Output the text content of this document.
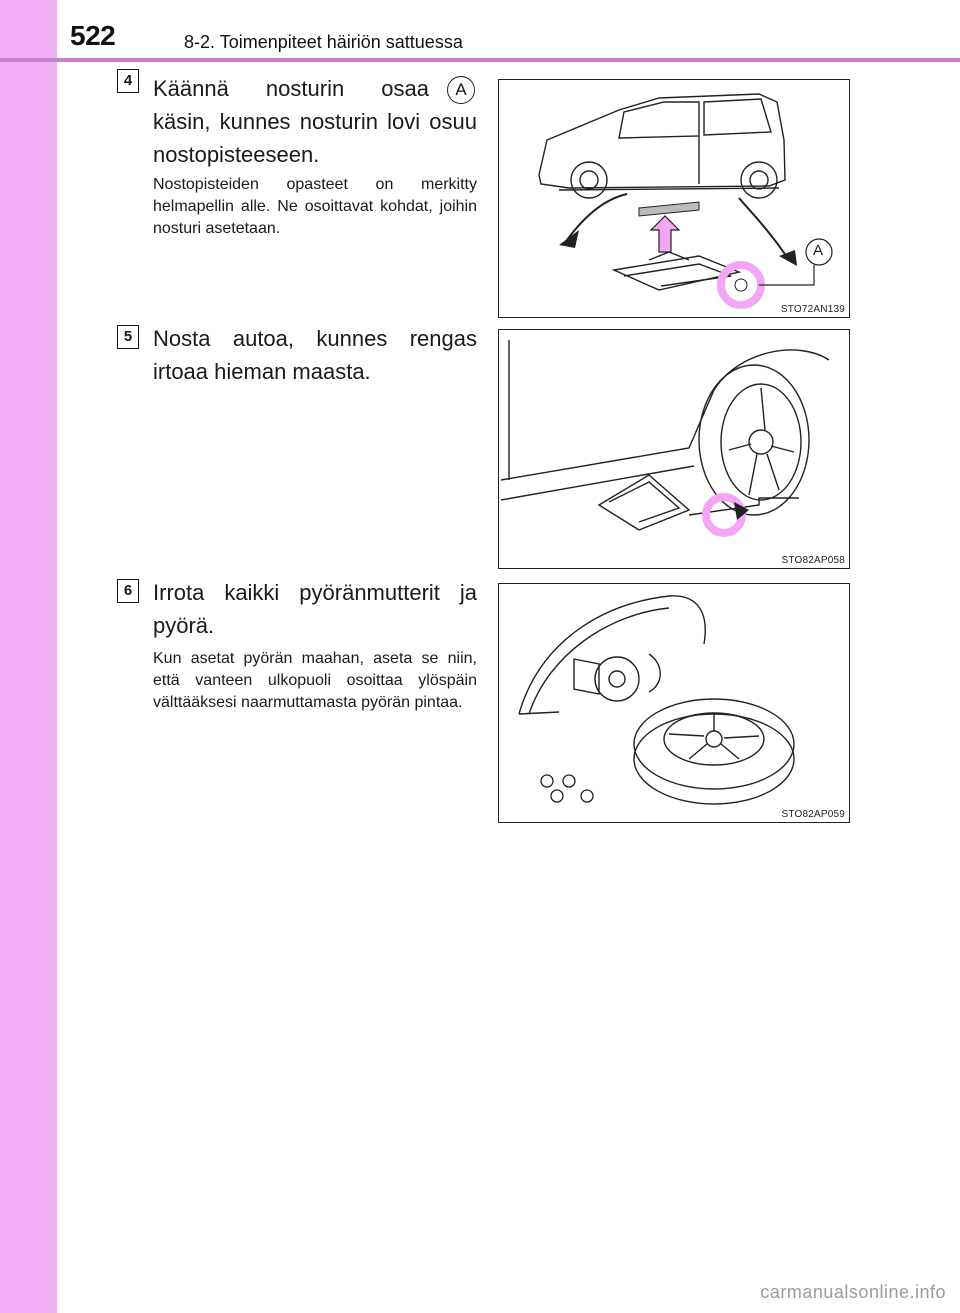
522	8-2. Toimenpiteet häiriön sattuessa
4 Käännä nosturin osaa	A
käsin, kunnes nosturin lovi osuu nostopisteeseen.
Nostopisteiden opasteet on merkitty helmapellin alle. Ne osoittavat kohdat, joihin nosturi asetetaan.
A
STO72AN139
5 Nosta autoa, kunnes rengas irtoaa hieman maasta.
STO82AP058
6 Irrota kaikki pyöränmutterit ja pyörä.
Kun asetat pyörän maahan, aseta se niin, että vanteen ulkopuoli osoittaa ylöspäin välttääksesi naarmuttamasta pyörän pintaa.
STO82AP059
carmanualsonline.info
